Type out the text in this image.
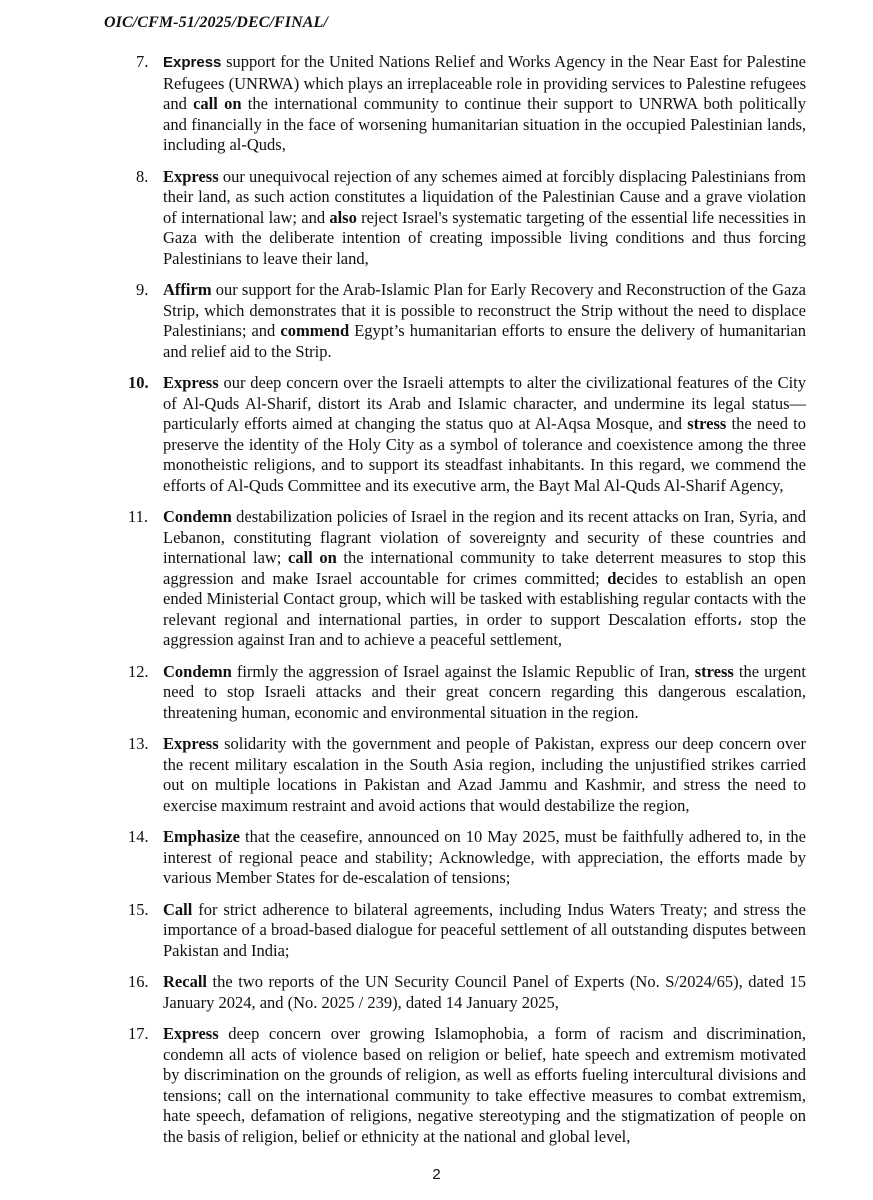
OIC/CFM-51/2025/DEC/FINAL/
7. Express support for the United Nations Relief and Works Agency in the Near East for Palestine Refugees (UNRWA) which plays an irreplaceable role in providing services to Palestine refugees and call on the international community to continue their support to UNRWA both politically and financially in the face of worsening humanitarian situation in the occupied Palestinian lands, including al-Quds,
8. Express our unequivocal rejection of any schemes aimed at forcibly displacing Palestinians from their land, as such action constitutes a liquidation of the Palestinian Cause and a grave violation of international law; and also reject Israel's systematic targeting of the essential life necessities in Gaza with the deliberate intention of creating impossible living conditions and thus forcing Palestinians to leave their land,
9. Affirm our support for the Arab-Islamic Plan for Early Recovery and Reconstruction of the Gaza Strip, which demonstrates that it is possible to reconstruct the Strip without the need to displace Palestinians; and commend Egypt’s humanitarian efforts to ensure the delivery of humanitarian and relief aid to the Strip.
10. Express our deep concern over the Israeli attempts to alter the civilizational features of the City of Al-Quds Al-Sharif, distort its Arab and Islamic character, and undermine its legal status—particularly efforts aimed at changing the status quo at Al-Aqsa Mosque, and stress the need to preserve the identity of the Holy City as a symbol of tolerance and coexistence among the three monotheistic religions, and to support its steadfast inhabitants. In this regard, we commend the efforts of Al-Quds Committee and its executive arm, the Bayt Mal Al-Quds Al-Sharif Agency,
11. Condemn destabilization policies of Israel in the region and its recent attacks on Iran, Syria, and Lebanon, constituting flagrant violation of sovereignty and security of these countries and international law; call on the international community to take deterrent measures to stop this aggression and make Israel accountable for crimes committed; decides to establish an open ended Ministerial Contact group, which will be tasked with establishing regular contacts with the relevant regional and international parties, in order to support Descalation efforts، stop the aggression against Iran and to achieve a peaceful settlement,
12. Condemn firmly the aggression of Israel against the Islamic Republic of Iran, stress the urgent need to stop Israeli attacks and their great concern regarding this dangerous escalation, threatening human, economic and environmental situation in the region.
13. Express solidarity with the government and people of Pakistan, express our deep concern over the recent military escalation in the South Asia region, including the unjustified strikes carried out on multiple locations in Pakistan and Azad Jammu and Kashmir, and stress the need to exercise maximum restraint and avoid actions that would destabilize the region,
14. Emphasize that the ceasefire, announced on 10 May 2025, must be faithfully adhered to, in the interest of regional peace and stability; Acknowledge, with appreciation, the efforts made by various Member States for de-escalation of tensions;
15. Call for strict adherence to bilateral agreements, including Indus Waters Treaty; and stress the importance of a broad-based dialogue for peaceful settlement of all outstanding disputes between Pakistan and India;
16. Recall the two reports of the UN Security Council Panel of Experts (No. S/2024/65), dated 15 January 2024, and (No. 2025 / 239), dated 14 January 2025,
17. Express deep concern over growing Islamophobia, a form of racism and discrimination, condemn all acts of violence based on religion or belief, hate speech and extremism motivated by discrimination on the grounds of religion, as well as efforts fueling intercultural divisions and tensions; call on the international community to take effective measures to combat extremism, hate speech, defamation of religions, negative stereotyping and the stigmatization of people on the basis of religion, belief or ethnicity at the national and global level,
2
